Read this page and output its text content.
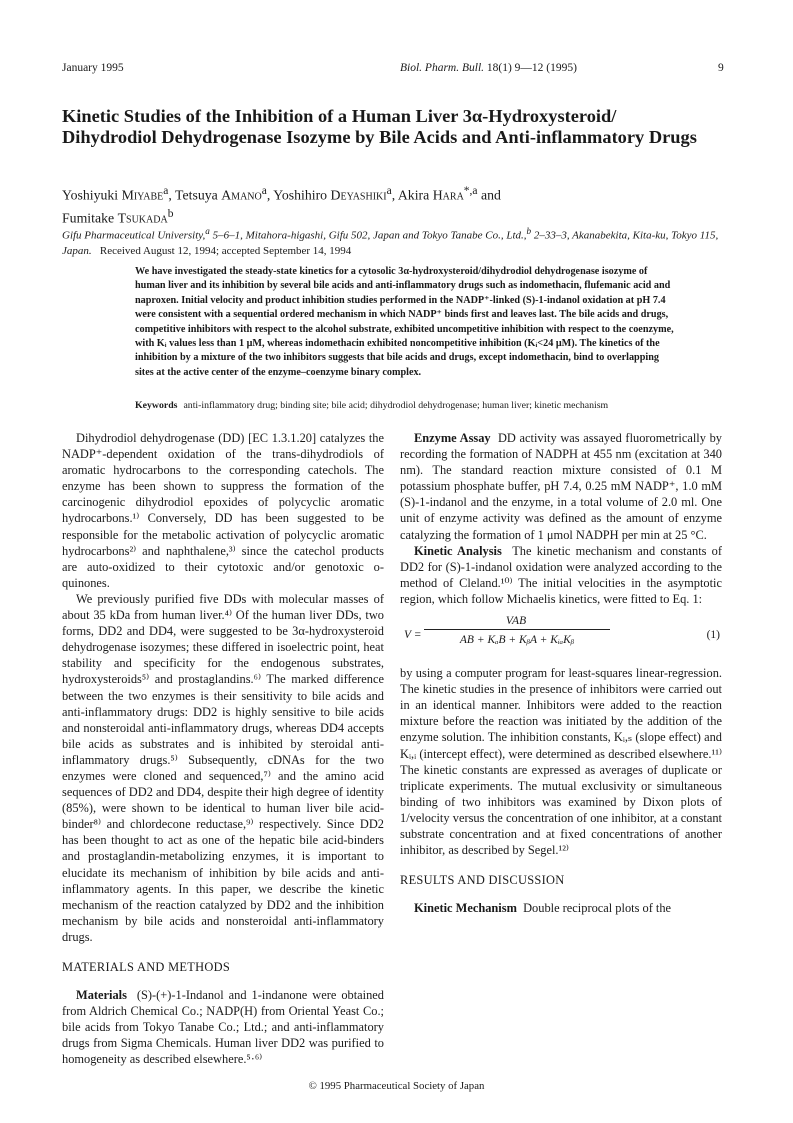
January 1995	Biol. Pharm. Bull. 18(1) 9—12 (1995)	9
Kinetic Studies of the Inhibition of a Human Liver 3α-Hydroxysteroid/ Dihydrodiol Dehydrogenase Isozyme by Bile Acids and Anti-inflammatory Drugs
Yoshiyuki Miyabe$^a$, Tetsuya Amano$^a$, Yoshihiro Deyashiki$^a$, Akira Hara$^{*,a}$ and
Fumitake Tsukada$^b$
Gifu Pharmaceutical University,$^a$ 5–6–1, Mitahora-higashi, Gifu 502, Japan and Tokyo Tanabe Co., Ltd.,$^b$ 2–33–3, Akanabekita, Kita-ku, Tokyo 115, Japan. Received August 12, 1994; accepted September 14, 1994

We have investigated the steady-state kinetics for a cytosolic 3α-hydroxysteroid/dihydrodiol dehydrogenase isozyme of human liver and its inhibition by several bile acids and anti-inflammatory drugs such as indomethacin, flufemanic acid and naproxen. Initial velocity and product inhibition studies performed in the NADP⁺-linked (S)-1-indanol oxidation at pH 7.4 were consistent with a sequential ordered mechanism in which NADP⁺ binds first and leaves last. The bile acids and drugs, competitive inhibitors with respect to the alcohol substrate, exhibited uncompetitive inhibition with respect to the coenzyme, with Kᵢ values less than 1 μM, whereas indomethacin exhibited noncompetitive inhibition (Kᵢ<24 μM). The kinetics of the inhibition by a mixture of the two inhibitors suggests that bile acids and drugs, except indomethacin, bind to overlapping sites at the active center of the enzyme–coenzyme binary complex.

Keywords anti-inflammatory drug; binding site; bile acid; dihydrodiol dehydrogenase; human liver; kinetic mechanism

Dihydrodiol dehydrogenase (DD) [EC 1.3.1.20] catalyzes the NADP⁺-dependent oxidation of the trans-dihydrodiols of aromatic hydrocarbons to the corresponding catechols. The enzyme has been shown to suppress the formation of the carcinogenic dihydrodiol epoxides of polycyclic aromatic hydrocarbons.¹⁾ Conversely, DD has been suggested to be responsible for the metabolic activation of polycyclic aromatic hydrocarbons²⁾ and naphthalene,³⁾ since the catechol products are auto-oxidized to their cytotoxic and/or genotoxic o-quinones.

We previously purified five DDs with molecular masses of about 35 kDa from human liver.⁴⁾ Of the human liver DDs, two forms, DD2 and DD4, were suggested to be 3α-hydroxysteroid dehydrogenase isozymes; these differed in isoelectric point, heat stability and specificity for the endogenous substrates, hydroxysteroids⁵⁾ and prostaglandins.⁶⁾ The marked difference between the two enzymes is their sensitivity to bile acids and anti-inflammatory drugs: DD2 is highly sensitive to bile acids and nonsteroidal anti-inflammatory drugs, whereas DD4 accepts bile acids as substrates and is inhibited by steroidal anti-inflammatory drugs.⁵⁾ Subsequently, cDNAs for the two enzymes were cloned and sequenced,⁷⁾ and the amino acid sequences of DD2 and DD4, despite their high degree of identity (85%), were shown to be identical to human liver bile acid-binder⁸⁾ and chlordecone reductase,⁹⁾ respectively. Since DD2 has been thought to act as one of the hepatic bile acid-binders and prostaglandin-metabolizing enzymes, it is important to elucidate its mechanism of inhibition by bile acids and anti-inflammatory agents. In this paper, we describe the kinetic mechanism of the reaction catalyzed by DD2 and the inhibition mechanism by bile acids and nonsteroidal anti-inflammatory drugs.

MATERIALS AND METHODS

Materials (S)-(+)-1-Indanol and 1-indanone were obtained from Aldrich Chemical Co.; NADP(H) from Oriental Yeast Co.; bile acids from Tokyo Tanabe Co.; Ltd.; and anti-inflammatory drugs from Sigma Chemicals. Human liver DD2 was purified to homogeneity as described elsewhere.⁵·⁶⁾

Enzyme Assay DD activity was assayed fluorometrically by recording the formation of NADPH at 455 nm (excitation at 340 nm). The standard reaction mixture consisted of 0.1 M potassium phosphate buffer, pH 7.4, 0.25 mM NADP⁺, 1.0 mM (S)-1-indanol and the enzyme, in a total volume of 2.0 ml. One unit of enzyme activity was defined as the amount of enzyme catalyzing the formation of 1 μmol NADPH per min at 25 °C.

Kinetic Analysis The kinetic mechanism and constants of DD2 for (S)-1-indanol oxidation were analyzed according to the method of Cleland.¹⁰⁾ The initial velocities in the asymptotic region, which follow Michaelis kinetics, were fitted to Eq. 1:

V =
VAB
AB + KₐB + KᵦA + KᵢₐKᵦ	(1)

by using a computer program for least-squares linear-regression. The kinetic studies in the presence of inhibitors were carried out in an identical manner. Inhibitors were added to the reaction mixture before the reaction was initiated by the addition of the enzyme solution. The inhibition constants, Kᵢ,ₛ (slope effect) and Kᵢ,ᵢ (intercept effect), were determined as described elsewhere.¹¹⁾ The kinetic constants are expressed as averages of duplicate or triplicate experiments. The mutual exclusivity or simultaneous binding of two inhibitors was examined by Dixon plots of 1/velocity versus the concentration of one inhibitor, at a constant substrate concentration and at fixed concentrations of another inhibitor, as described by Segel.¹²⁾

RESULTS AND DISCUSSION

Kinetic Mechanism Double reciprocal plots of the

© 1995 Pharmaceutical Society of Japan
